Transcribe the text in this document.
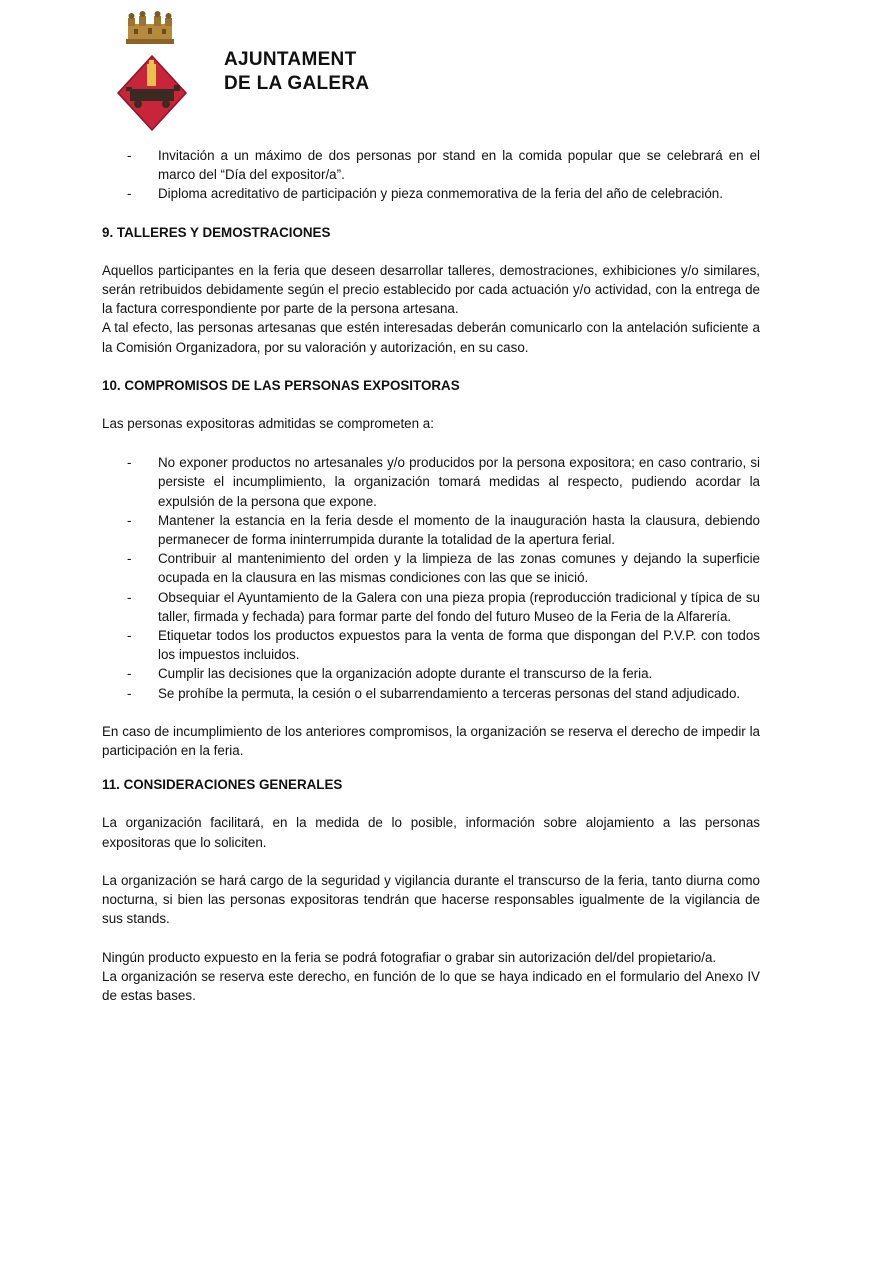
AJUNTAMENT
DE LA GALERA
- Invitación a un máximo de dos personas por stand en la comida popular que se celebrará en el marco del “Día del expositor/a”.
- Diploma acreditativo de participación y pieza conmemorativa de la feria del año de celebración.
9. TALLERES Y DEMOSTRACIONES

Aquellos participantes en la feria que deseen desarrollar talleres, demostraciones, exhibiciones y/o similares, serán retribuidos debidamente según el precio establecido por cada actuación y/o actividad, con la entrega de la factura correspondiente por parte de la persona artesana.

A tal efecto, las personas artesanas que estén interesadas deberán comunicarlo con la antelación suficiente a la Comisión Organizadora, por su valoración y autorización, en su caso.

10. COMPROMISOS DE LAS PERSONAS EXPOSITORAS

Las personas expositoras admitidas se comprometen a:

- No exponer productos no artesanales y/o producidos por la persona expositora; en caso contrario, si persiste el incumplimiento, la organización tomará medidas al respecto, pudiendo acordar la expulsión de la persona que expone.
- Mantener la estancia en la feria desde el momento de la inauguración hasta la clausura, debiendo permanecer de forma ininterrumpida durante la totalidad de la apertura ferial.
- Contribuir al mantenimiento del orden y la limpieza de las zonas comunes y dejando la superficie ocupada en la clausura en las mismas condiciones con las que se inició.
- Obsequiar el Ayuntamiento de la Galera con una pieza propia (reproducción tradicional y típica de su taller, firmada y fechada) para formar parte del fondo del futuro Museo de la Feria de la Alfarería.
- Etiquetar todos los productos expuestos para la venta de forma que dispongan del P.V.P. con todos los impuestos incluidos.
- Cumplir las decisiones que la organización adopte durante el transcurso de la feria.
- Se prohíbe la permuta, la cesión o el subarrendamiento a terceras personas del stand adjudicado.

En caso de incumplimiento de los anteriores compromisos, la organización se reserva el derecho de impedir la participación en la feria.

11. CONSIDERACIONES GENERALES

La organización facilitará, en la medida de lo posible, información sobre alojamiento a las personas expositoras que lo soliciten.

La organización se hará cargo de la seguridad y vigilancia durante el transcurso de la feria, tanto diurna como nocturna, si bien las personas expositoras tendrán que hacerse responsables igualmente de la vigilancia de sus stands.

Ningún producto expuesto en la feria se podrá fotografiar o grabar sin autorización del/del propietario/a.

La organización se reserva este derecho, en función de lo que se haya indicado en el formulario del Anexo IV de estas bases.
